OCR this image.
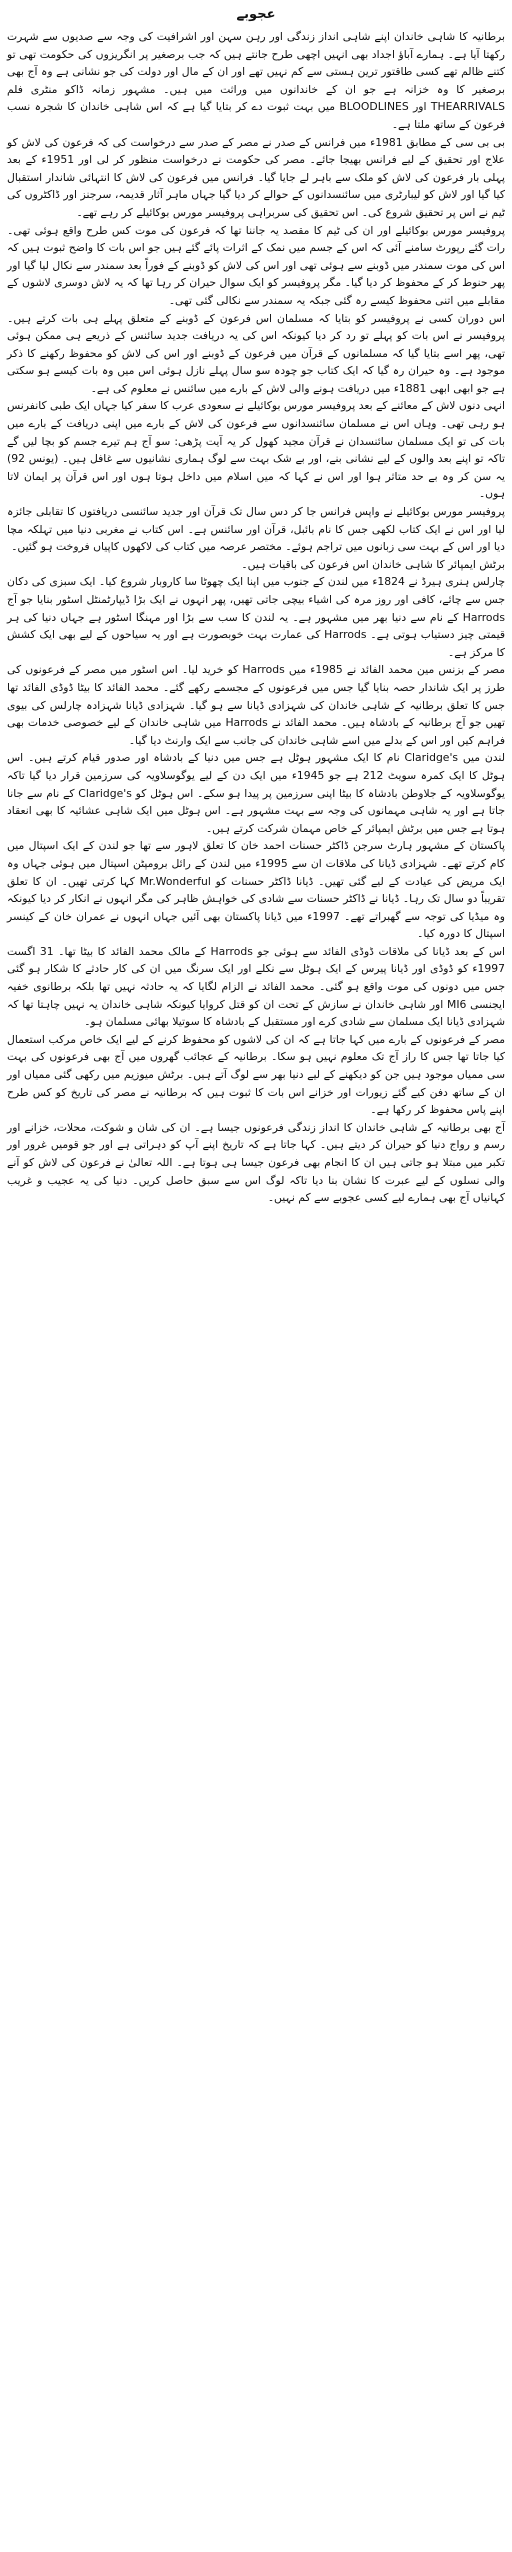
عجوبے

برطانیہ کا شاہی خاندان اپنے شاہی انداز زندگی اور رہن سہن اور اشرافیت کی وجہ سے صدیوں سے شہرت رکھتا آیا ہے۔ ہمارے آباؤ اجداد بھی انہیں اچھی طرح جانتے ہیں کہ جب برصغیر پر انگریزوں کی حکومت تھی تو کتنے ظالم تھے کسی طاقتور ترین ہستی سے کم نہیں تھے اور ان کے مال اور دولت کی جو نشانی ہے وہ آج بھی برصغیر کا وہ خزانہ ہے جو ان کے خاندانوں میں وراثت میں ہیں۔ مشہور زمانہ ڈاکو منٹری فلم THEARRIVALS اور BLOODLINES میں بہت ثبوت دے کر بتایا گیا ہے کہ اس شاہی خاندان کا شجرہ نسب فرعون کے ساتھ ملتا ہے۔

بی بی سی کے مطابق 1981ء میں فرانس کے صدر نے مصر کے صدر سے درخواست کی کہ فرعون کی لاش کو علاج اور تحقیق کے لیے فرانس بھیجا جائے۔ مصر کی حکومت نے درخواست منظور کر لی اور 1951ء کے بعد پہلی بار فرعون کی لاش کو ملک سے باہر لے جایا گیا۔ فرانس میں فرعون کی لاش کا انتہائی شاندار استقبال کیا گیا اور لاش کو لیبارٹری میں سائنسدانوں کے حوالے کر دیا گیا جہاں ماہر آثار قدیمہ، سرجنز اور ڈاکٹروں کی ٹیم نے اس پر تحقیق شروع کی۔ اس تحقیق کی سربراہی پروفیسر مورس بوکائیلے کر رہے تھے۔

پروفیسر مورس بوکائیلے اور ان کی ٹیم کا مقصد یہ جاننا تھا کہ فرعون کی موت کس طرح واقع ہوئی تھی۔ رات گئے رپورٹ سامنے آئی کہ اس کے جسم میں نمک کے اثرات پائے گئے ہیں جو اس بات کا واضح ثبوت ہیں کہ اس کی موت سمندر میں ڈوبنے سے ہوئی تھی اور اس کی لاش کو ڈوبنے کے فوراً بعد سمندر سے نکال لیا گیا اور پھر حنوط کر کے محفوظ کر دیا گیا۔ مگر پروفیسر کو ایک سوال حیران کر رہا تھا کہ یہ لاش دوسری لاشوں کے مقابلے میں اتنی محفوظ کیسے رہ گئی جبکہ یہ سمندر سے نکالی گئی تھی۔

اس دوران کسی نے پروفیسر کو بتایا کہ مسلمان اس فرعون کے ڈوبنے کے متعلق پہلے ہی بات کرتے ہیں۔ پروفیسر نے اس بات کو پہلے تو رد کر دیا کیونکہ اس کی یہ دریافت جدید سائنس کے ذریعے ہی ممکن ہوئی تھی، پھر اسے بتایا گیا کہ مسلمانوں کے قرآن میں فرعون کے ڈوبنے اور اس کی لاش کو محفوظ رکھنے کا ذکر موجود ہے۔ وہ حیران رہ گیا کہ ایک کتاب جو چودہ سو سال پہلے نازل ہوئی اس میں وہ بات کیسے ہو سکتی ہے جو ابھی ابھی 1881ء میں دریافت ہونے والی لاش کے بارے میں سائنس نے معلوم کی ہے۔

انہی دنوں لاش کے معائنے کے بعد پروفیسر مورس بوکائیلے نے سعودی عرب کا سفر کیا جہاں ایک طبی کانفرنس ہو رہی تھی۔ وہاں اس نے مسلمان سائنسدانوں سے فرعون کی لاش کے بارے میں اپنی دریافت کے بارے میں بات کی تو ایک مسلمان سائنسدان نے قرآن مجید کھول کر یہ آیت پڑھی: سو آج ہم تیرے جسم کو بچا لیں گے تاکہ تو اپنے بعد والوں کے لیے نشانی بنے، اور بے شک بہت سے لوگ ہماری نشانیوں سے غافل ہیں۔ (یونس 92) یہ سن کر وہ بے حد متاثر ہوا اور اس نے کہا کہ میں اسلام میں داخل ہوتا ہوں اور اس قرآن پر ایمان لاتا ہوں۔

پروفیسر مورس بوکائیلے نے واپس فرانس جا کر دس سال تک قرآن اور جدید سائنسی دریافتوں کا تقابلی جائزہ لیا اور اس نے ایک کتاب لکھی جس کا نام بائبل، قرآن اور سائنس ہے۔ اس کتاب نے مغربی دنیا میں تہلکہ مچا دیا اور اس کے بہت سی زبانوں میں تراجم ہوئے۔ مختصر عرصہ میں کتاب کی لاکھوں کاپیاں فروخت ہو گئیں۔

برٹش ایمپائر کا شاہی خاندان اس فرعون کی باقیات ہیں۔

چارلس ہنری ہیرڈ نے 1824ء میں لندن کے جنوب میں اپنا ایک چھوٹا سا کاروبار شروع کیا۔ ایک سبزی کی دکان جس سے چائے، کافی اور روز مرہ کی اشیاء بیچی جاتی تھیں، پھر انہوں نے ایک بڑا ڈیپارٹمنٹل اسٹور بنایا جو آج Harrods کے نام سے دنیا بھر میں مشہور ہے۔ یہ لندن کا سب سے بڑا اور مہنگا اسٹور ہے جہاں دنیا کی ہر قیمتی چیز دستیاب ہوتی ہے۔ Harrods کی عمارت بہت خوبصورت ہے اور یہ سیاحوں کے لیے بھی ایک کشش کا مرکز ہے۔

مصر کے بزنس مین محمد الفائد نے 1985ء میں Harrods کو خرید لیا۔ اس اسٹور میں مصر کے فرعونوں کی طرز پر ایک شاندار حصہ بنایا گیا جس میں فرعونوں کے مجسمے رکھے گئے۔ محمد الفائد کا بیٹا ڈوڈی الفائد تھا جس کا تعلق برطانیہ کے شاہی خاندان کی شہزادی ڈیانا سے ہو گیا۔ شہزادی ڈیانا شہزادہ چارلس کی بیوی تھیں جو آج برطانیہ کے بادشاہ ہیں۔ محمد الفائد نے Harrods میں شاہی خاندان کے لیے خصوصی خدمات بھی فراہم کیں اور اس کے بدلے میں اسے شاہی خاندان کی جانب سے ایک وارنٹ دیا گیا۔

لندن میں Claridge's نام کا ایک مشہور ہوٹل ہے جس میں دنیا کے بادشاہ اور صدور قیام کرتے ہیں۔ اس ہوٹل کا ایک کمرہ سویٹ 212 ہے جو 1945ء میں ایک دن کے لیے یوگوسلاویہ کی سرزمین قرار دیا گیا تاکہ یوگوسلاویہ کے جلاوطن بادشاہ کا بیٹا اپنی سرزمین پر پیدا ہو سکے۔ اس ہوٹل کو Claridge's کے نام سے جانا جاتا ہے اور یہ شاہی مہمانوں کی وجہ سے بہت مشہور ہے۔ اس ہوٹل میں ایک شاہی عشائیہ کا بھی انعقاد ہوتا ہے جس میں برٹش ایمپائر کے خاص مہمان شرکت کرتے ہیں۔

پاکستان کے مشہور ہارٹ سرجن ڈاکٹر حسنات احمد خان کا تعلق لاہور سے تھا جو لندن کے ایک اسپتال میں کام کرتے تھے۔ شہزادی ڈیانا کی ملاقات ان سے 1995ء میں لندن کے رائل برومپٹن اسپتال میں ہوئی جہاں وہ ایک مریض کی عیادت کے لیے گئی تھیں۔ ڈیانا ڈاکٹر حسنات کو Mr.Wonderful کہا کرتی تھیں۔ ان کا تعلق تقریباً دو سال تک رہا۔ ڈیانا نے ڈاکٹر حسنات سے شادی کی خواہش ظاہر کی مگر انہوں نے انکار کر دیا کیونکہ وہ میڈیا کی توجہ سے گھبراتے تھے۔ 1997ء میں ڈیانا پاکستان بھی آئیں جہاں انہوں نے عمران خان کے کینسر اسپتال کا دورہ کیا۔

اس کے بعد ڈیانا کی ملاقات ڈوڈی الفائد سے ہوئی جو Harrods کے مالک محمد الفائد کا بیٹا تھا۔ 31 اگست 1997ء کو ڈوڈی اور ڈیانا پیرس کے ایک ہوٹل سے نکلے اور ایک سرنگ میں ان کی کار حادثے کا شکار ہو گئی جس میں دونوں کی موت واقع ہو گئی۔ محمد الفائد نے الزام لگایا کہ یہ حادثہ نہیں تھا بلکہ برطانوی خفیہ ایجنسی MI6 اور شاہی خاندان نے سازش کے تحت ان کو قتل کروایا کیونکہ شاہی خاندان یہ نہیں چاہتا تھا کہ شہزادی ڈیانا ایک مسلمان سے شادی کرے اور مستقبل کے بادشاہ کا سوتیلا بھائی مسلمان ہو۔

مصر کے فرعونوں کے بارے میں کہا جاتا ہے کہ ان کی لاشوں کو محفوظ کرنے کے لیے ایک خاص مرکب استعمال کیا جاتا تھا جس کا راز آج تک معلوم نہیں ہو سکا۔ برطانیہ کے عجائب گھروں میں آج بھی فرعونوں کی بہت سی ممیاں موجود ہیں جن کو دیکھنے کے لیے دنیا بھر سے لوگ آتے ہیں۔ برٹش میوزیم میں رکھی گئی ممیاں اور ان کے ساتھ دفن کیے گئے زیورات اور خزانے اس بات کا ثبوت ہیں کہ برطانیہ نے مصر کی تاریخ کو کس طرح اپنے پاس محفوظ کر رکھا ہے۔

آج بھی برطانیہ کے شاہی خاندان کا انداز زندگی فرعونوں جیسا ہے۔ ان کی شان و شوکت، محلات، خزانے اور رسم و رواج دنیا کو حیران کر دیتے ہیں۔ کہا جاتا ہے کہ تاریخ اپنے آپ کو دہراتی ہے اور جو قومیں غرور اور تکبر میں مبتلا ہو جاتی ہیں ان کا انجام بھی فرعون جیسا ہی ہوتا ہے۔ اللہ تعالیٰ نے فرعون کی لاش کو آنے والی نسلوں کے لیے عبرت کا نشان بنا دیا تاکہ لوگ اس سے سبق حاصل کریں۔ دنیا کی یہ عجیب و غریب کہانیاں آج بھی ہمارے لیے کسی عجوبے سے کم نہیں۔
